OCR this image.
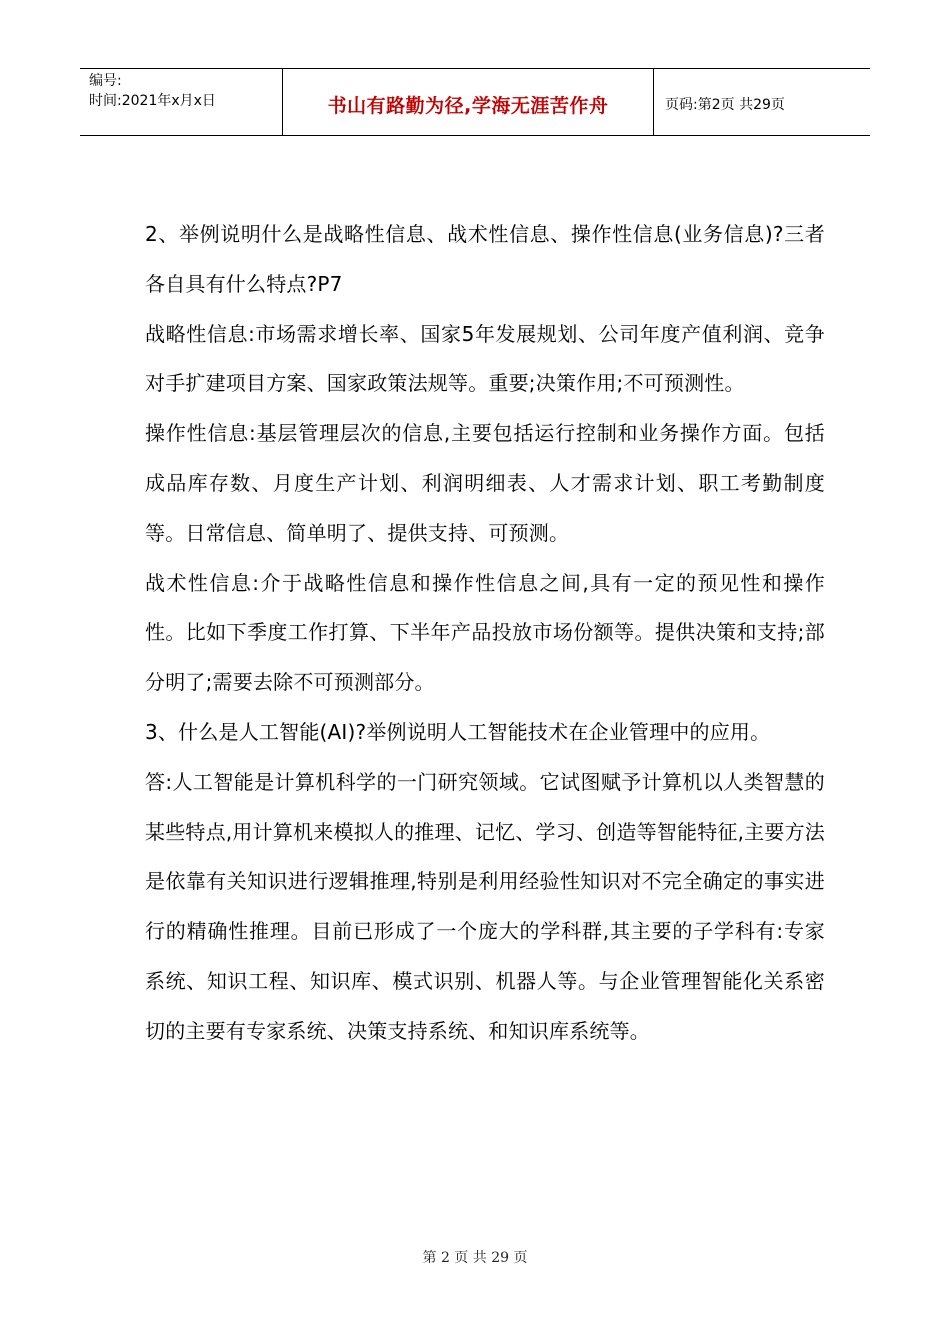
编号:
时间:2021年x月x日	书山有路勤为径,学海无涯苦作舟	页码:第2页 共29页

2、举例说明什么是战略性信息、战术性信息、操作性信息(业务信息)?三者各自具有什么特点?P7

战略性信息:市场需求增长率、国家5年发展规划、公司年度产值利润、竞争对手扩建项目方案、国家政策法规等。重要;决策作用;不可预测性。

操作性信息:基层管理层次的信息,主要包括运行控制和业务操作方面。包括成品库存数、月度生产计划、利润明细表、人才需求计划、职工考勤制度等。日常信息、简单明了、提供支持、可预测。

战术性信息:介于战略性信息和操作性信息之间,具有一定的预见性和操作性。比如下季度工作打算、下半年产品投放市场份额等。提供决策和支持;部分明了;需要去除不可预测部分。

3、什么是人工智能(AI)?举例说明人工智能技术在企业管理中的应用。

答:人工智能是计算机科学的一门研究领域。它试图赋予计算机以人类智慧的某些特点,用计算机来模拟人的推理、记忆、学习、创造等智能特征,主要方法是依靠有关知识进行逻辑推理,特别是利用经验性知识对不完全确定的事实进行的精确性推理。目前已形成了一个庞大的学科群,其主要的子学科有:专家系统、知识工程、知识库、模式识别、机器人等。与企业管理智能化关系密切的主要有专家系统、决策支持系统、和知识库系统等。

第 2 页 共 29 页
